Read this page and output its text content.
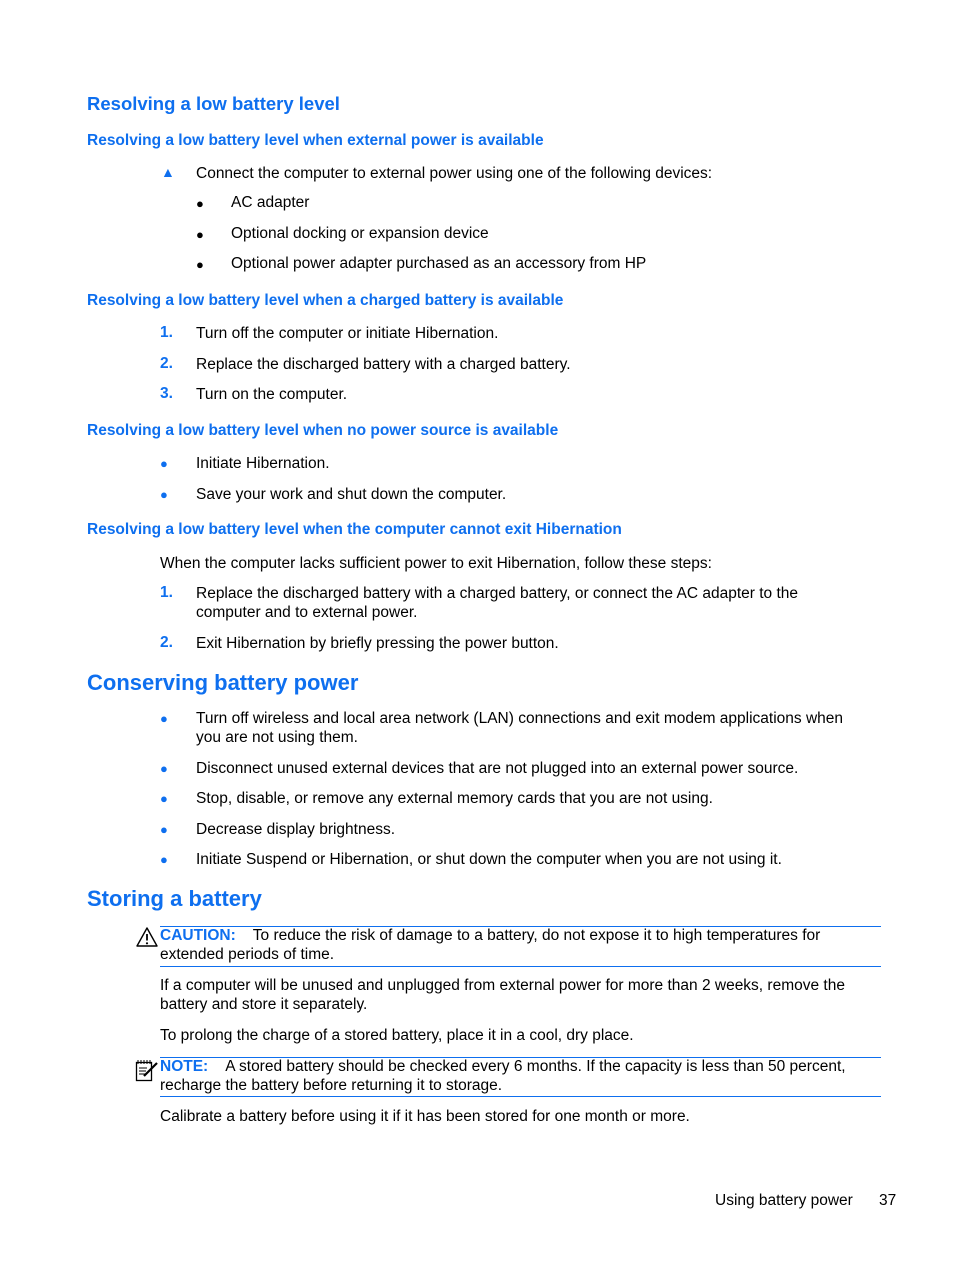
Resolving a low battery level
Resolving a low battery level when external power is available
▲ Connect the computer to external power using one of the following devices:
● AC adapter
● Optional docking or expansion device
● Optional power adapter purchased as an accessory from HP
Resolving a low battery level when a charged battery is available
1. Turn off the computer or initiate Hibernation.
2. Replace the discharged battery with a charged battery.
3. Turn on the computer.
Resolving a low battery level when no power source is available
● Initiate Hibernation.
● Save your work and shut down the computer.
Resolving a low battery level when the computer cannot exit Hibernation
When the computer lacks sufficient power to exit Hibernation, follow these steps:
1. Replace the discharged battery with a charged battery, or connect the AC adapter to the
computer and to external power.
2. Exit Hibernation by briefly pressing the power button.
Conserving battery power
● Turn off wireless and local area network (LAN) connections and exit modem applications when
you are not using them.
● Disconnect unused external devices that are not plugged into an external power source.
● Stop, disable, or remove any external memory cards that you are not using.
● Decrease display brightness.
● Initiate Suspend or Hibernation, or shut down the computer when you are not using it.
Storing a battery
CAUTION: To reduce the risk of damage to a battery, do not expose it to high temperatures for
extended periods of time.
If a computer will be unused and unplugged from external power for more than 2 weeks, remove the
battery and store it separately.
To prolong the charge of a stored battery, place it in a cool, dry place.
NOTE: A stored battery should be checked every 6 months. If the capacity is less than 50 percent,
recharge the battery before returning it to storage.
Calibrate a battery before using it if it has been stored for one month or more.
Using battery power 37
